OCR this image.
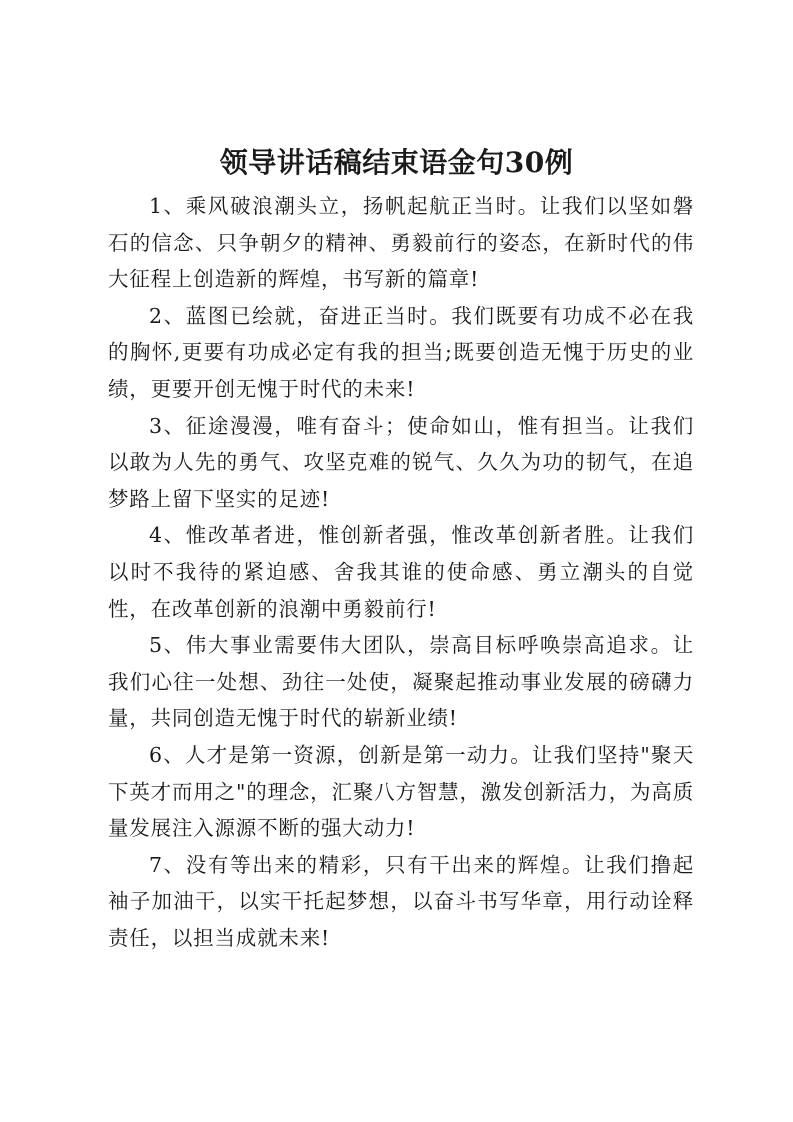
领导讲话稿结束语金句30例

1、乘风破浪潮头立，扬帆起航正当时。让我们以坚如磐石的信念、只争朝夕的精神、勇毅前行的姿态，在新时代的伟大征程上创造新的辉煌，书写新的篇章!

2、蓝图已绘就，奋进正当时。我们既要有功成不必在我的胸怀,更要有功成必定有我的担当;既要创造无愧于历史的业绩，更要开创无愧于时代的未来!

3、征途漫漫，唯有奋斗；使命如山，惟有担当。让我们以敢为人先的勇气、攻坚克难的锐气、久久为功的韧气，在追梦路上留下坚实的足迹!

4、惟改革者进，惟创新者强，惟改革创新者胜。让我们以时不我待的紧迫感、舍我其谁的使命感、勇立潮头的自觉性，在改革创新的浪潮中勇毅前行!

5、伟大事业需要伟大团队，崇高目标呼唤崇高追求。让我们心往一处想、劲往一处使，凝聚起推动事业发展的磅礴力量，共同创造无愧于时代的崭新业绩!

6、人才是第一资源，创新是第一动力。让我们坚持"聚天下英才而用之"的理念，汇聚八方智慧，激发创新活力，为高质量发展注入源源不断的强大动力!

7、没有等出来的精彩，只有干出来的辉煌。让我们撸起袖子加油干，以实干托起梦想，以奋斗书写华章，用行动诠释责任，以担当成就未来!
